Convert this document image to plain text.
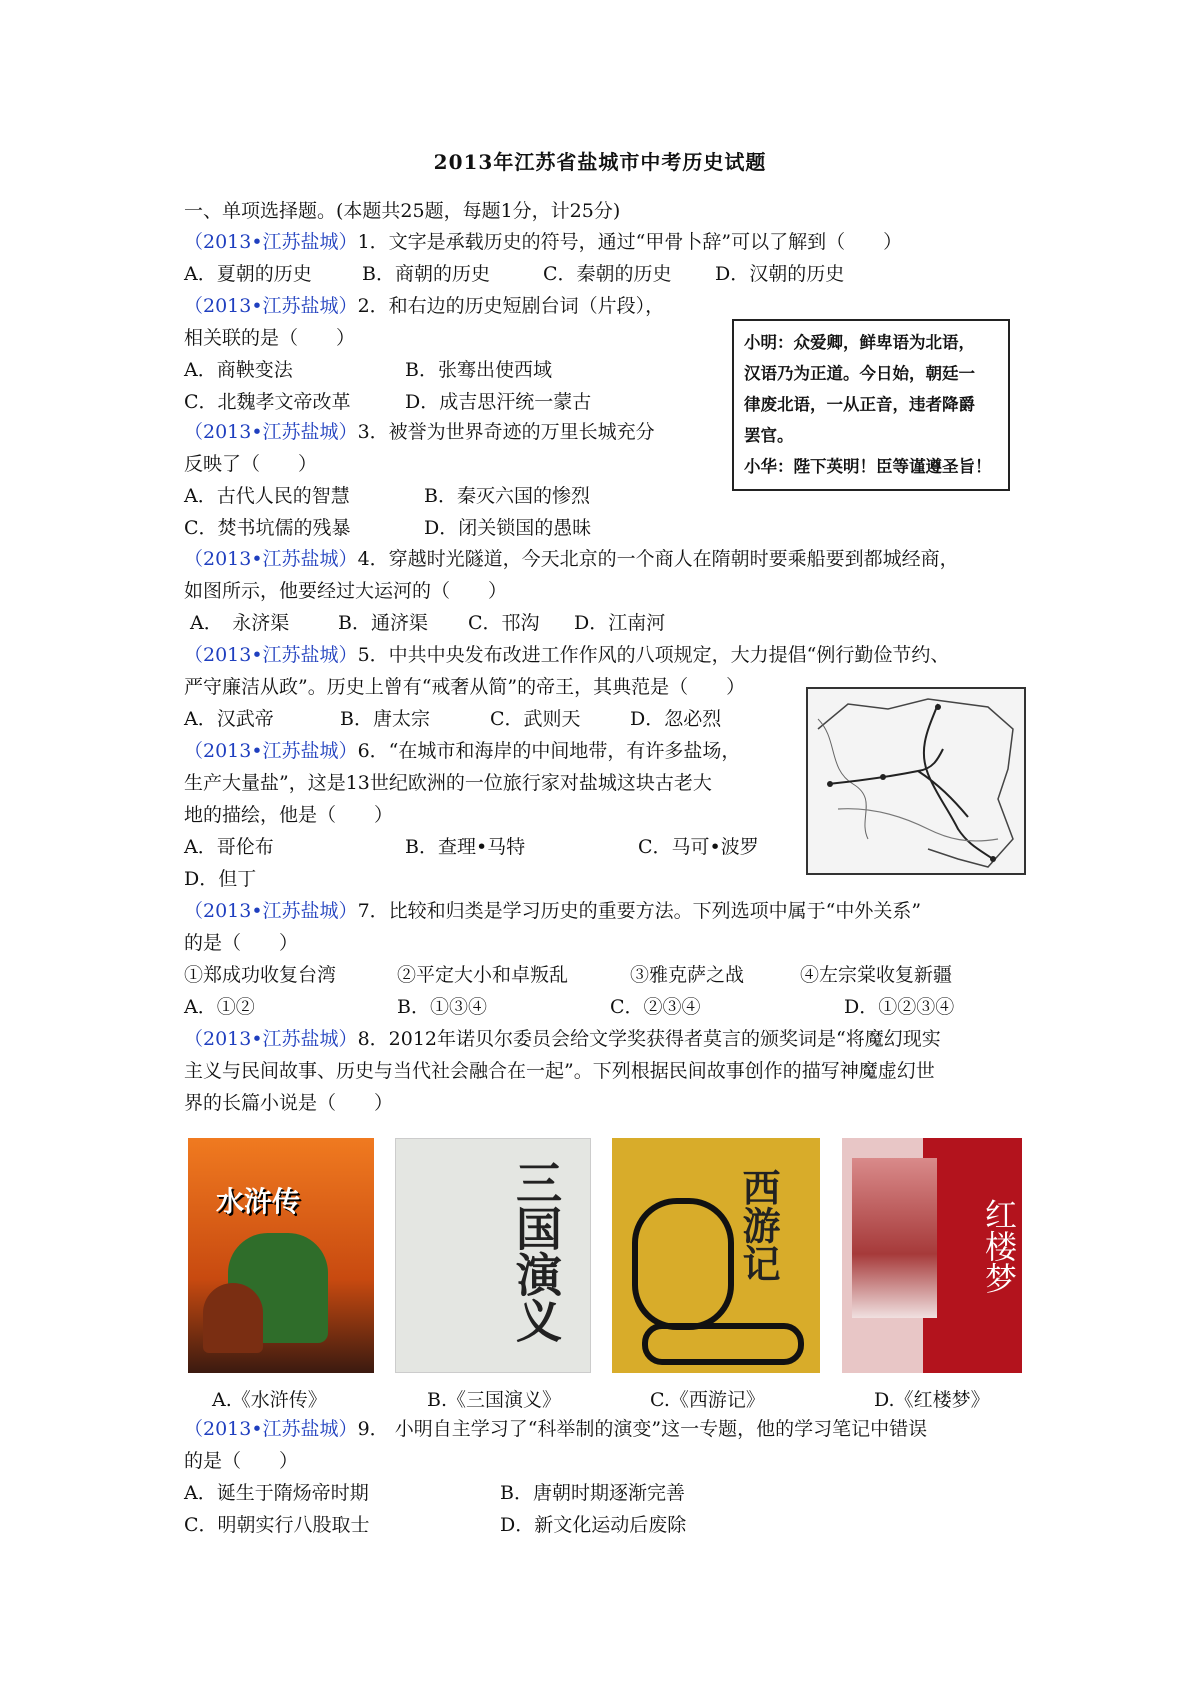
2013年江苏省盐城市中考历史试题
一、单项选择题。(本题共25题，每题1分，计25分)
（2013•江苏盐城）1．文字是承载历史的符号，通过“甲骨卜辞”可以了解到（　　）
A．夏朝的历史	B．商朝的历史	C．秦朝的历史 D．汉朝的历史
（2013•江苏盐城）2．和右边的历史短剧台词（片段），
相关联的是（　　）
A．商鞅变法	B．张骞出使西域
C．北魏孝文帝改革	D．成吉思汗统一蒙古
小明：众爱卿，鲜卑语为北语，
汉语乃为正道。今日始，朝廷一
律废北语，一从正音，违者降爵
罢官。
小华：陛下英明！臣等谨遵圣旨！
（2013•江苏盐城）3．被誉为世界奇迹的万里长城充分
反映了（　　）
A．古代人民的智慧	B．秦灭六国的惨烈
C．焚书坑儒的残暴	D．闭关锁国的愚昧
（2013•江苏盐城）4．穿越时光隧道，今天北京的一个商人在隋朝时要乘船要到都城经商，
如图所示，他要经过大运河的（　　）
A．　永济渠	B．通济渠 C．邗沟 D．江南河
（2013•江苏盐城）5．中共中央发布改进工作作风的八项规定，大力提倡“例行勤俭节约、
严守廉洁从政”。历史上曾有“戒奢从简”的帝王，其典范是（　　）
A．汉武帝	B．唐太宗	C．武则天	D．忽必烈
（2013•江苏盐城）6．“在城市和海岸的中间地带，有许多盐场，
生产大量盐”，这是13世纪欧洲的一位旅行家对盐城这块古老大
地的描绘，他是（　　）
A．哥伦布	B．查理•马特	C．马可•波罗
D．但丁
（2013•江苏盐城）7．比较和归类是学习历史的重要方法。下列选项中属于“中外关系”
的是（　　）
①郑成功收复台湾	②平定大小和卓叛乱	③雅克萨之战	④左宗棠收复新疆
A．①②	B．①③④	C．②③④	D．①②③④
（2013•江苏盐城）8．2012年诺贝尔委员会给文学奖获得者莫言的颁奖词是“将魔幻现实
主义与民间故事、历史与当代社会融合在一起”。下列根据民间故事创作的描写神魔虚幻世
界的长篇小说是（　　）
水浒传	三国演义	西游记	红楼梦
A.《水浒传》	B.《三国演义》	C.《西游记》	D.《红楼梦》
（2013•江苏盐城）9． 小明自主学习了“科举制的演变”这一专题，他的学习笔记中错误
的是（　　）
A．诞生于隋炀帝时期	B．唐朝时期逐渐完善
C．明朝实行八股取士	D．新文化运动后废除
